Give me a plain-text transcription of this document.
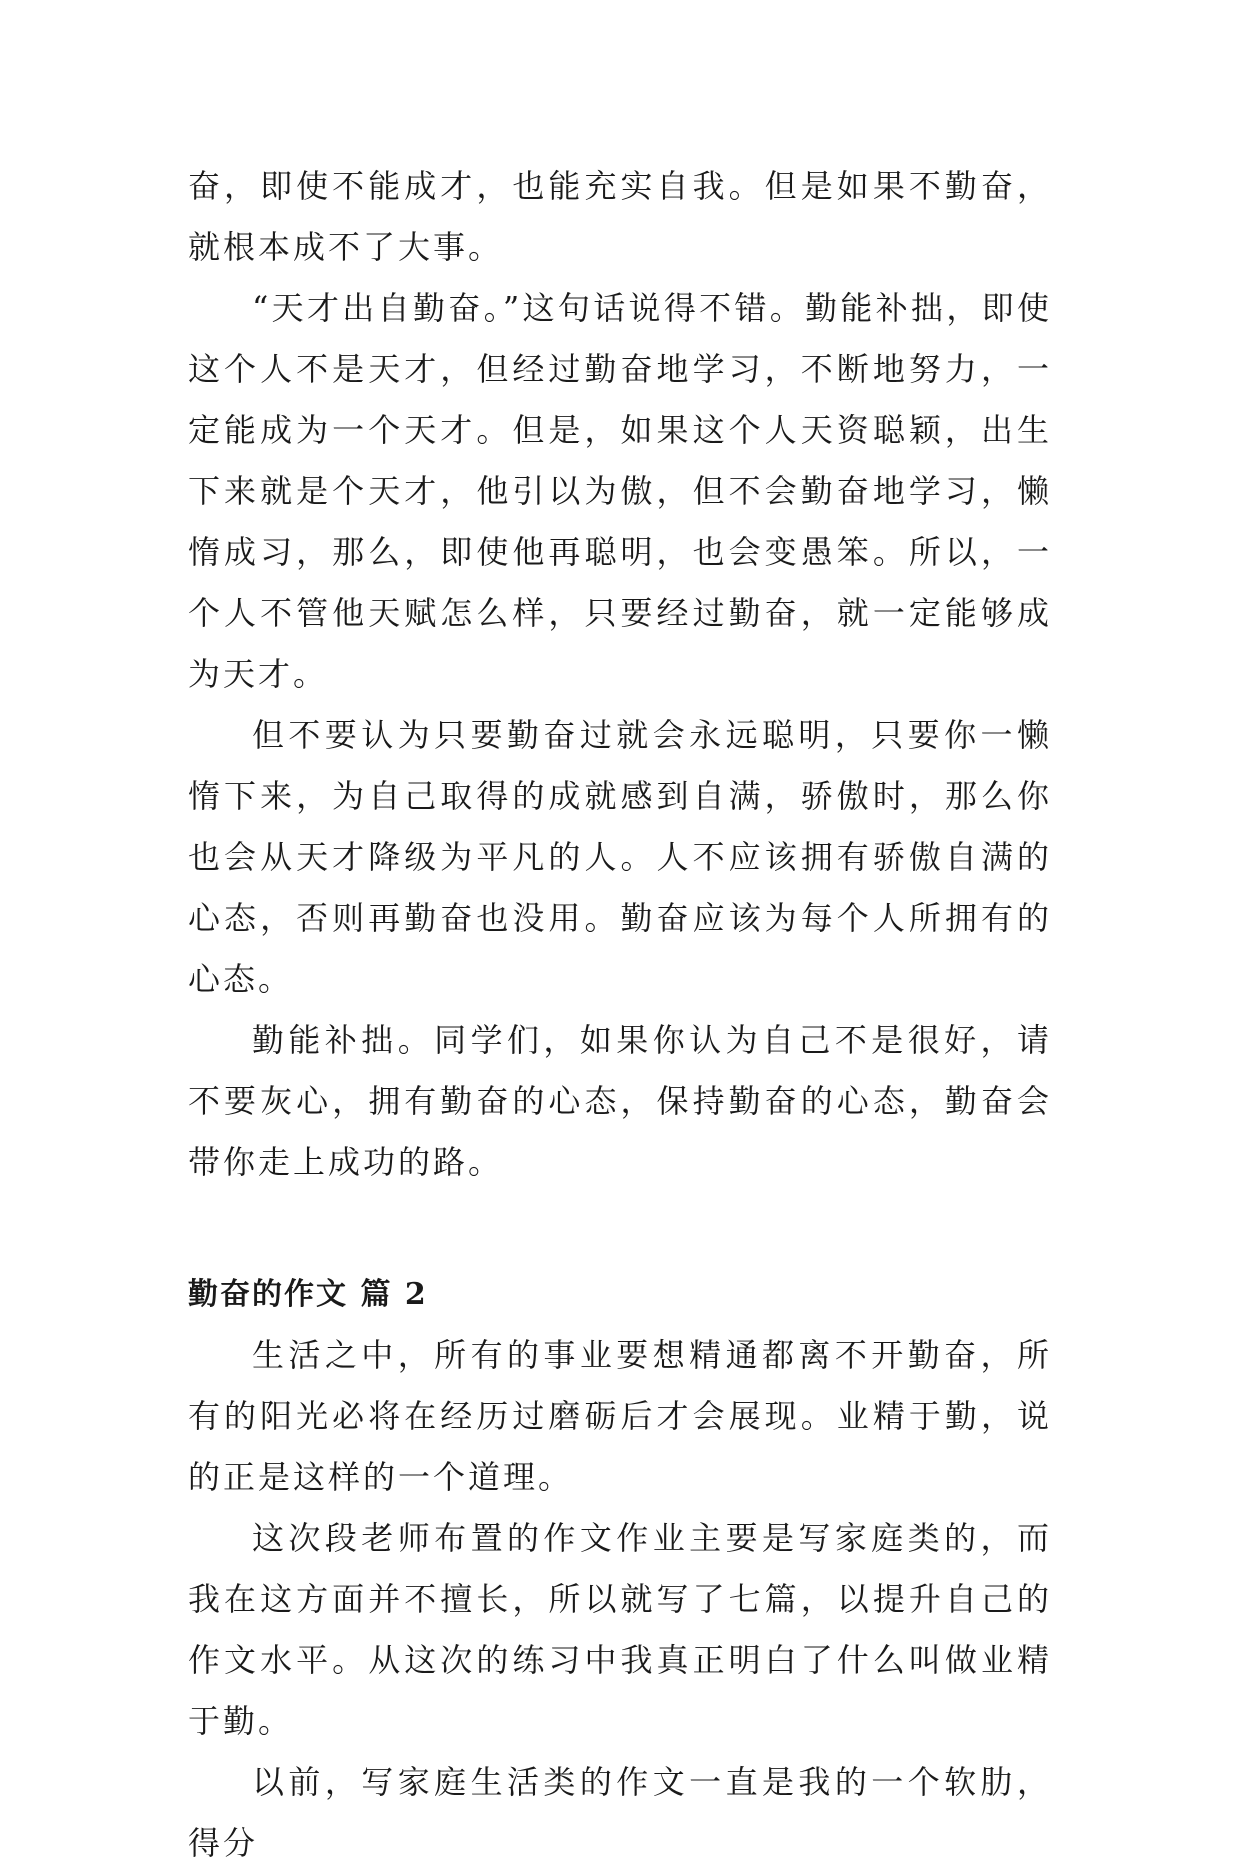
奋，即使不能成才，也能充实自我。但是如果不勤奋，就根本成不了大事。

“天才出自勤奋。”这句话说得不错。勤能补拙，即使这个人不是天才，但经过勤奋地学习，不断地努力，一定能成为一个天才。但是，如果这个人天资聪颖，出生下来就是个天才，他引以为傲，但不会勤奋地学习，懒惰成习，那么，即使他再聪明，也会变愚笨。所以，一个人不管他天赋怎么样，只要经过勤奋，就一定能够成为天才。

但不要认为只要勤奋过就会永远聪明，只要你一懒惰下来，为自己取得的成就感到自满，骄傲时，那么你也会从天才降级为平凡的人。人不应该拥有骄傲自满的心态，否则再勤奋也没用。勤奋应该为每个人所拥有的心态。

勤能补拙。同学们，如果你认为自己不是很好，请不要灰心，拥有勤奋的心态，保持勤奋的心态，勤奋会带你走上成功的路。

勤奋的作文 篇 2

生活之中，所有的事业要想精通都离不开勤奋，所有的阳光必将在经历过磨砺后才会展现。业精于勤，说的正是这样的一个道理。

这次段老师布置的作文作业主要是写家庭类的，而我在这方面并不擅长，所以就写了七篇，以提升自己的作文水平。从这次的练习中我真正明白了什么叫做业精于勤。

以前，写家庭生活类的作文一直是我的一个软肋，得分
